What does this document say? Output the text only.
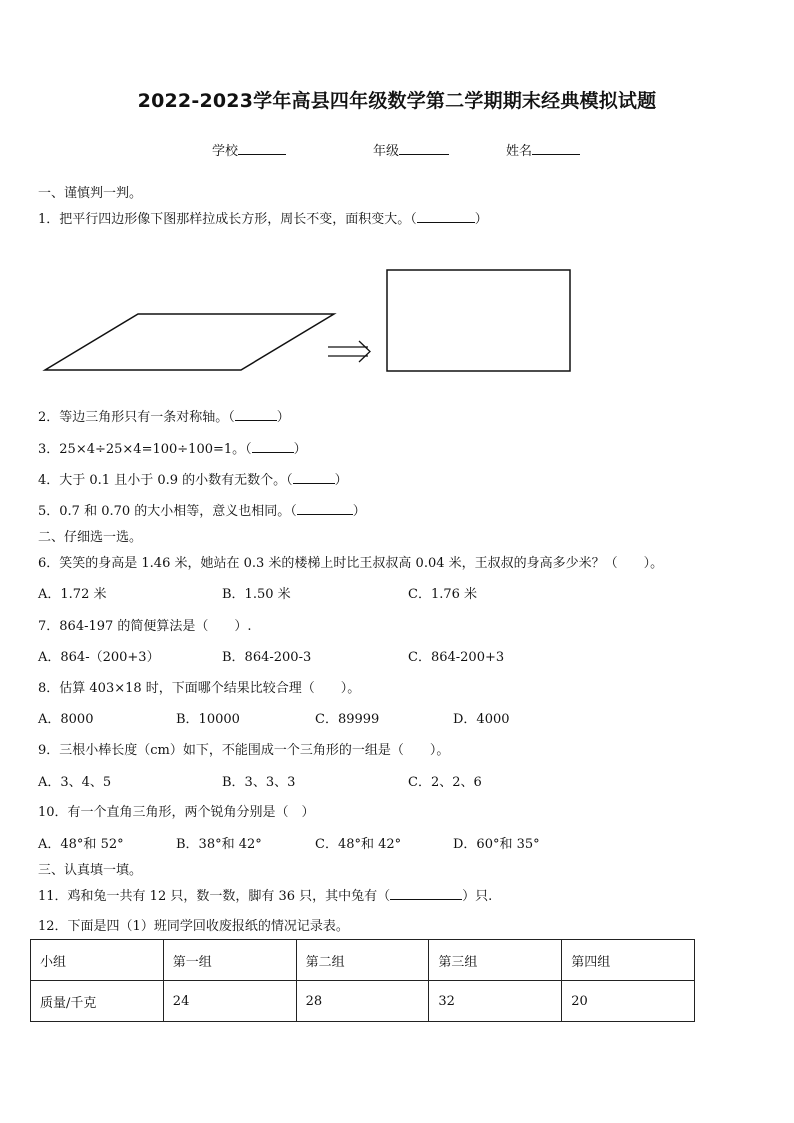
2022-2023学年高县四年级数学第二学期期末经典模拟试题
学校	年级	姓名
一、谨慎判一判。
1．把平行四边形像下图那样拉成长方形，周长不变，面积变大。（	）
2．等边三角形只有一条对称轴。（	）
3．25×4÷25×4=100÷100=1。（	）
4．大于 0.1 且小于 0.9 的小数有无数个。（	）
5．0.7 和 0.70 的大小相等，意义也相同。（	）
二、仔细选一选。
6．笑笑的身高是 1.46 米，她站在 0.3 米的楼梯上时比王叔叔高 0.04 米，王叔叔的身高多少米？（　　）。
A．1.72 米	B．1.50 米	C．1.76 米
7．864-197 的简便算法是（　　）.
A．864-（200+3）	B．864-200-3	C．864-200+3
8．估算 403×18 时，下面哪个结果比较合理（　　）。
A．8000	B．10000	C．89999	D．4000
9．三根小棒长度（cm）如下，不能围成一个三角形的一组是（　　）。
A．3、4、5	B．3、3、3	C．2、2、6
10．有一个直角三角形，两个锐角分别是（　）
A．48°和 52°	B．38°和 42°	C．48°和 42°	D．60°和 35°
三、认真填一填。
11．鸡和兔一共有 12 只，数一数，脚有 36 只，其中兔有（	）只.
12．下面是四（1）班同学回收废报纸的情况记录表。
小组	第一组	第二组	第三组	第四组
质量/千克	24	28	32	20
